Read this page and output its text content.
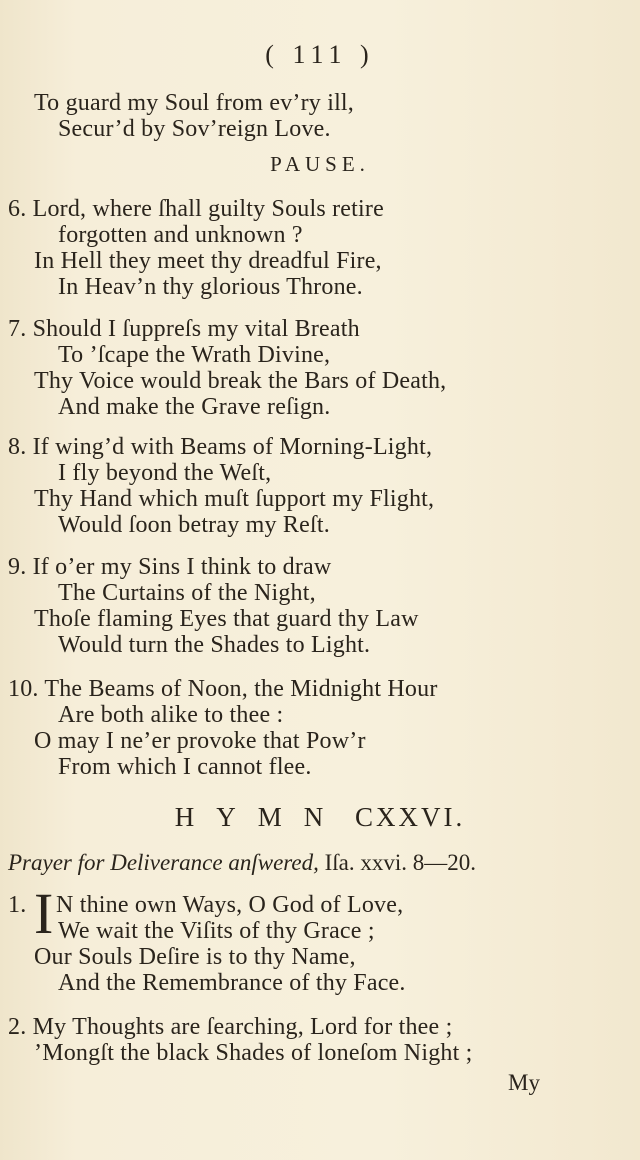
( 111 )
To guard my Soul from ev’ry ill,
Secur’d by Sov’reign Love.
PAUSE.
6. Lord, where ſhall guilty Souls retire
forgotten and unknown ?
In Hell they meet thy dreadful Fire,
In Heav’n thy glorious Throne.
7. Should I ſuppreſs my vital Breath
To ’ſcape the Wrath Divine,
Thy Voice would break the Bars of Death,
And make the Grave reſign.
8. If wing’d with Beams of Morning-Light,
I fly beyond the Weſt,
Thy Hand which muſt ſupport my Flight,
Would ſoon betray my Reſt.
9. If o’er my Sins I think to draw
The Curtains of the Night,
Thoſe flaming Eyes that guard thy Law
Would turn the Shades to Light.
10. The Beams of Noon, the Midnight Hour
Are both alike to thee :
O may I ne’er provoke that Pow’r
From which I cannot flee.
HYMN CXXVI.
Prayer for Deliverance anſwered, Iſa. xxvi. 8—20.
1. I N thine own Ways, O God of Love,
We wait the Viſits of thy Grace ;
Our Souls Deſire is to thy Name,
And the Remembrance of thy Face.
2. My Thoughts are ſearching, Lord for thee ;
’Mongſt the black Shades of loneſom Night ;
My
